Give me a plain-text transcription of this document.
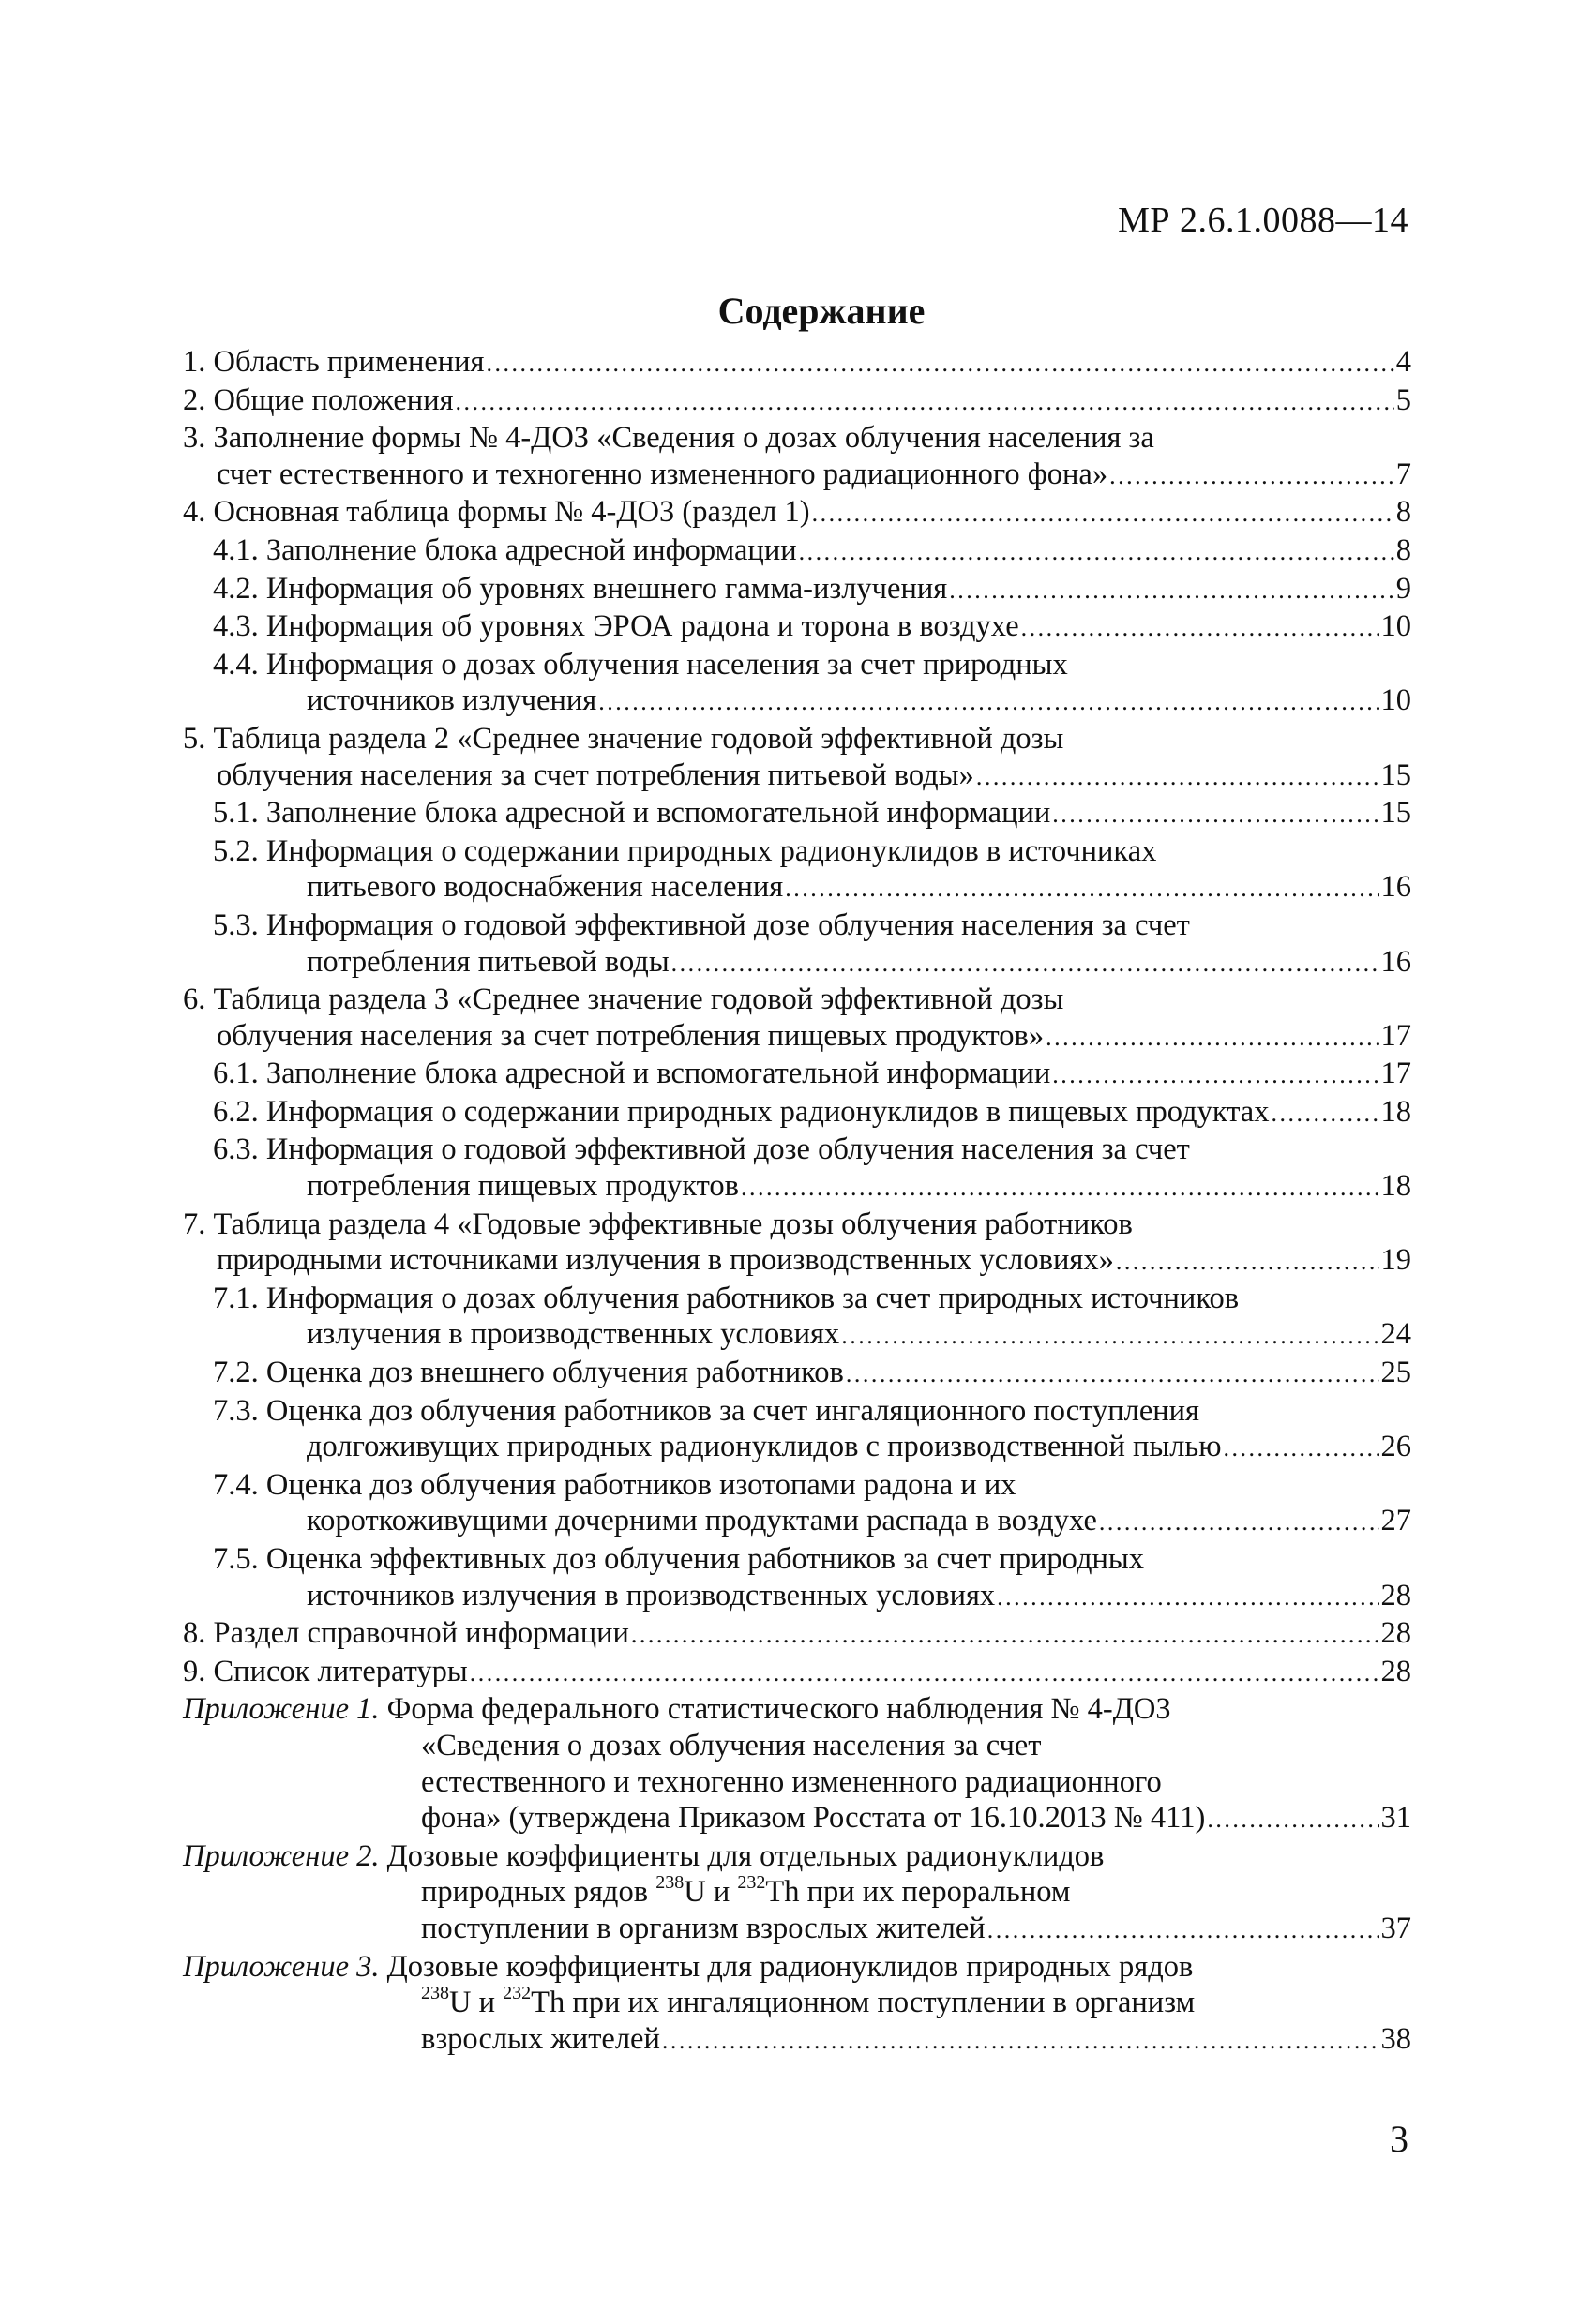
МР 2.6.1.0088—14
Содержание
1. Область применения . . .	4
2. Общие положения . . .	5
3. Заполнение формы № 4-ДОЗ «Сведения о дозах облучения населения за
счет естественного и техногенно измененного радиационного фона» . . .	7
4. Основная таблица формы № 4-ДОЗ (раздел 1) . . .	8
4.1. Заполнение блока адресной информации . . .	8
4.2. Информация об уровнях внешнего гамма-излучения . . .	9
4.3. Информация об уровнях ЭРОА радона и торона в воздухе . . .	10
4.4. Информация о дозах облучения населения за счет природных
источников излучения . . .	10
5. Таблица раздела 2 «Среднее значение годовой эффективной дозы
облучения населения за счет потребления питьевой воды» . . .	15
5.1. Заполнение блока адресной и вспомогательной информации . . .	15
5.2. Информация о содержании природных радионуклидов в источниках
питьевого водоснабжения населения . . .	16
5.3. Информация о годовой эффективной дозе облучения населения за счет
потребления питьевой воды . . .	16
6. Таблица раздела 3 «Среднее значение годовой эффективной дозы
облучения населения за счет потребления пищевых продуктов» . . .	17
6.1. Заполнение блока адресной и вспомогательной информации . . .	17
6.2. Информация о содержании природных радионуклидов в пищевых продуктах . . .	18
6.3. Информация о годовой эффективной дозе облучения населения за счет
потребления пищевых продуктов . . .	18
7. Таблица раздела 4 «Годовые эффективные дозы облучения работников
природными источниками излучения в производственных условиях» . . .	19
7.1. Информация о дозах облучения работников за счет природных источников
излучения в производственных условиях . . .	24
7.2. Оценка доз внешнего облучения работников . . .	25
7.3. Оценка доз облучения работников за счет ингаляционного поступления
долгоживущих природных радионуклидов с производственной пылью . . .	26
7.4. Оценка доз облучения работников изотопами радона и их
короткоживущими дочерними продуктами распада в воздухе . . .	27
7.5. Оценка эффективных доз облучения работников за счет природных
источников излучения в производственных условиях . . .	28
8. Раздел справочной информации . . .	28
9. Список литературы . . .	28
Приложение 1. Форма федерального статистического наблюдения № 4-ДОЗ
«Сведения о дозах облучения населения за счет
естественного и техногенно измененного радиационного
фона» (утверждена Приказом Росстата от 16.10.2013 № 411) . . .	31
Приложение 2. Дозовые коэффициенты для отдельных радионуклидов
природных рядов $^{238}$U и $^{232}$Th при их пероральном
поступлении в организм взрослых жителей . . .	37
Приложение 3. Дозовые коэффициенты для радионуклидов природных рядов
$^{238}$U и $^{232}$Th при их ингаляционном поступлении в организм
взрослых жителей . . .	38
3
